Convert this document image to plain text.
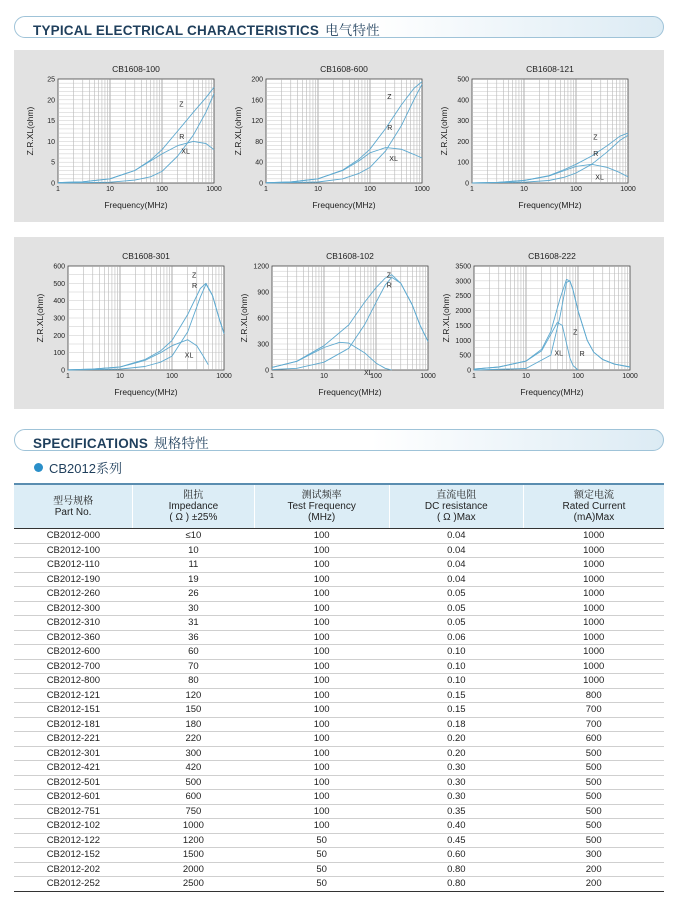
TYPICAL ELECTRICAL CHARACTERISTICS 电气特性
0
5
10
15
20
25
1	10	100	1000
CB1608-100
Frequency(MHz)
Z.R.XL(ohm)
Z
R
XL
0
40
80
120
160
200
1	10	100	1000
CB1608-600
Frequency(MHz)
Z.R.XL(ohm)
Z
R
XL
0
100
200
300
400
500
1	10	100	1000
CB1608-121
Frequency(MHz)
Z.R.XL(ohm)	Z
R
XL
0
100
200
300
400
500
600
1	10	100	1000
CB1608-301
Frequency(MHz)
Z.R.XL(ohm)
Z
R
XL
0
300
600
900
1200
1	10	100	1000
CB1608-102
Frequency(MHz)
Z.R.XL(ohm)
Z
R
XL	0
500
1000
1500
2000
2500
3000
3500
1	10	100	1000
CB1608-222
Frequency(MHz)
Z.R.XL(ohm)	Z
R
XL
SPECIFICATIONS 规格特性
CB2012系列
型号规格
Part No.	阻抗
Impedance
( Ω ) ±25%	测试频率
Test Frequency
(MHz)	直流电阻
DC resistance
( Ω )Max	额定电流
Rated Current
(mA)Max
CB2012-000	≤10	100	0.04	1000
CB2012-100	10	100	0.04	1000
CB2012-110	11	100	0.04	1000
CB2012-190	19	100	0.04	1000
CB2012-260	26	100	0.05	1000
CB2012-300	30	100	0.05	1000
CB2012-310	31	100	0.05	1000
CB2012-360	36	100	0.06	1000
CB2012-600	60	100	0.10	1000
CB2012-700	70	100	0.10	1000
CB2012-800	80	100	0.10	1000
CB2012-121	120	100	0.15	800
CB2012-151	150	100	0.15	700
CB2012-181	180	100	0.18	700
CB2012-221	220	100	0.20	600
CB2012-301	300	100	0.20	500
CB2012-421	420	100	0.30	500
CB2012-501	500	100	0.30	500
CB2012-601	600	100	0.30	500
CB2012-751	750	100	0.35	500
CB2012-102	1000	100	0.40	500
CB2012-122	1200	50	0.45	500
CB2012-152	1500	50	0.60	300
CB2012-202	2000	50	0.80	200
CB2012-252	2500	50	0.80	200
